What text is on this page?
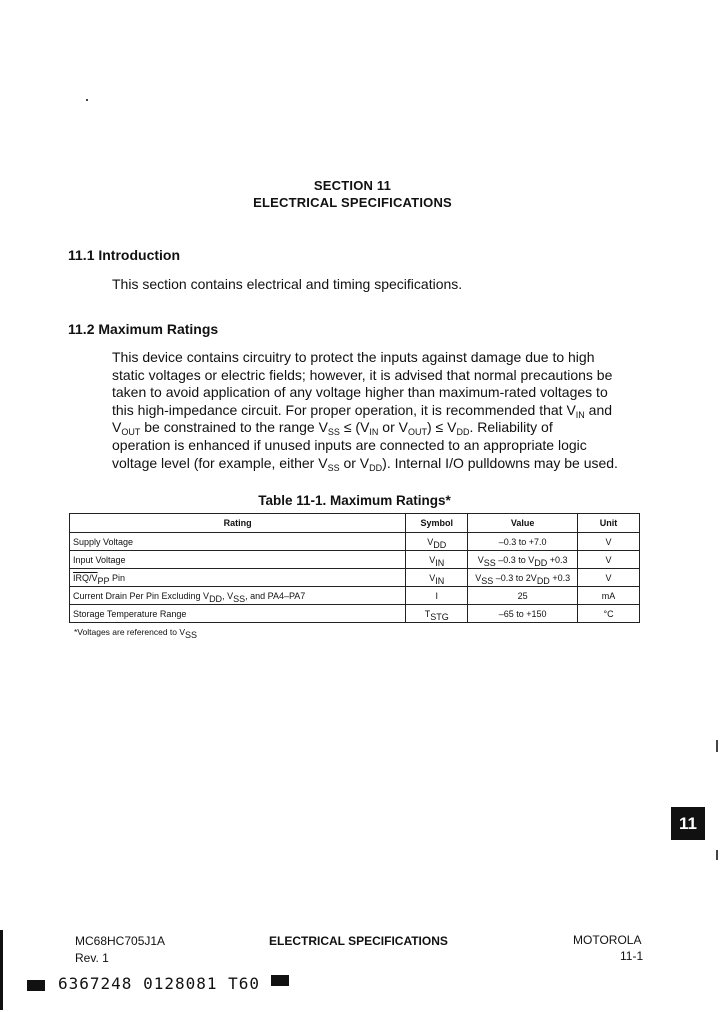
SECTION 11
ELECTRICAL SPECIFICATIONS
11.1 Introduction
This section contains electrical and timing specifications.
11.2 Maximum Ratings
This device contains circuitry to protect the inputs against damage due to high
static voltages or electric fields; however, it is advised that normal precautions be
taken to avoid application of any voltage higher than maximum-rated voltages to
this high-impedance circuit. For proper operation, it is recommended that $V_{IN}$ and
$V_{OUT}$ be constrained to the range $V_{SS} \le (V_{IN}$ or $V_{OUT}) \le V_{DD}$. Reliability of
operation is enhanced if unused inputs are connected to an appropriate logic
voltage level (for example, either $V_{SS}$ or $V_{DD}$). Internal I/O pulldowns may be used.
Table 11-1. Maximum Ratings*
Rating	Symbol	Value	Unit
Supply Voltage	$V_{DD}$	–0.3 to +7.0	V
Input Voltage	$V_{IN}$	$V_{SS}$ –0.3 to $V_{DD} +0.3$	V
IRQ/$V_{PP}$ Pin	$V_{IN}$	$V_{SS}$ –0.3 to $2V_{DD} +0.3$	V
Current Drain Per Pin Excluding $V_{DD}$, $V_{SS}$, and PA4–PA7	I	25	mA
Storage Temperature Range	$T_{STG}$	–65 to +150	°C
*Voltages are referenced to $V_{SS}$
11
MC68HC705J1A
Rev. 1
ELECTRICAL SPECIFICATIONS	MOTOROLA
11-1
6367248 0128081 T60
